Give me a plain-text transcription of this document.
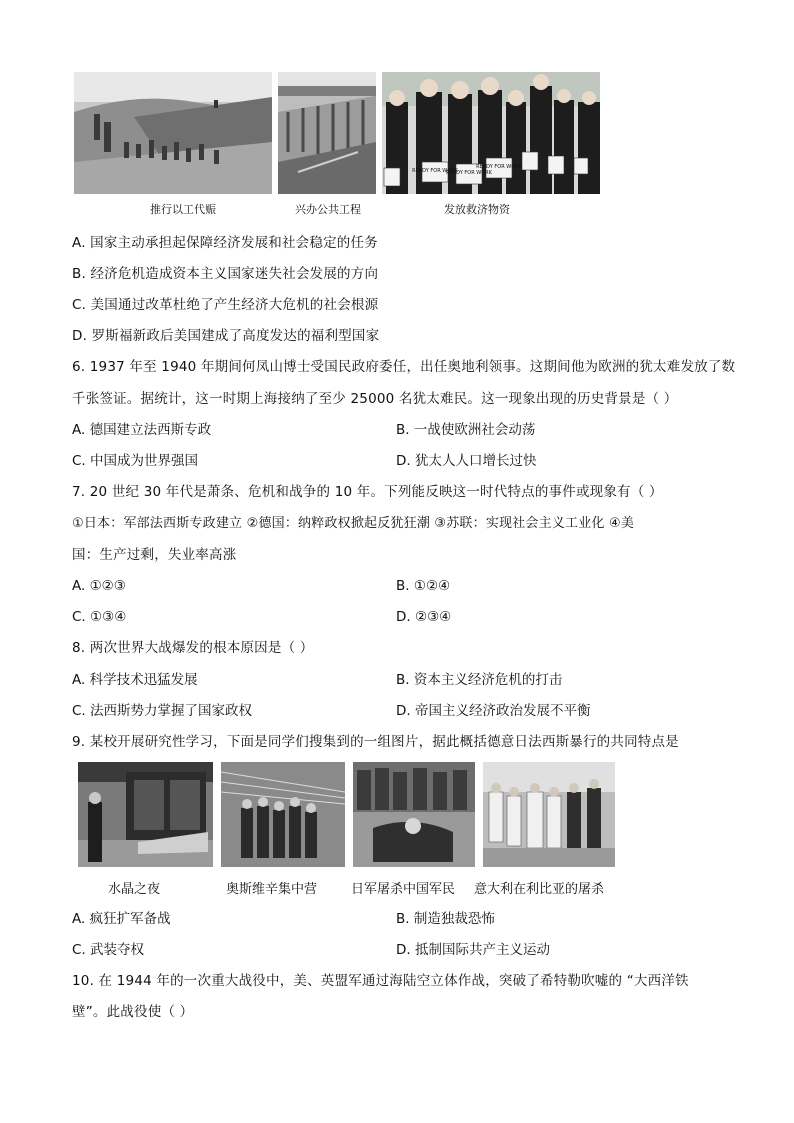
READY FOR WORK
READY FOR WORK
READY FOR WORK
推行以工代赈	兴办公共工程	发放救济物资
A. 国家主动承担起保障经济发展和社会稳定的任务
B. 经济危机造成资本主义国家迷失社会发展的方向
C. 美国通过改革杜绝了产生经济大危机的社会根源
D. 罗斯福新政后美国建成了高度发达的福利型国家
6. 1937 年至 1940 年期间何凤山博士受国民政府委任，出任奥地利领事。这期间他为欧洲的犹太难发放了数
千张签证。据统计，这一时期上海接纳了至少 25000 名犹太难民。这一现象出现的历史背景是（ ）
A. 德国建立法西斯专政	B. 一战使欧洲社会动荡
C. 中国成为世界强国	D. 犹太人人口增长过快
7. 20 世纪 30 年代是萧条、危机和战争的 10 年。下列能反映这一时代特点的事件或现象有（ ）
①日本：军部法西斯专政建立 ②德国：纳粹政权掀起反犹狂潮 ③苏联：实现社会主义工业化 ④美
国：生产过剩，失业率高涨
A. ①②③	B. ①②④
C. ①③④	D. ②③④
8. 两次世界大战爆发的根本原因是（ ）
A. 科学技术迅猛发展	B. 资本主义经济危机的打击
C. 法西斯势力掌握了国家政权	D. 帝国主义经济政治发展不平衡
9. 某校开展研究性学习，下面是同学们搜集到的一组图片，据此概括德意日法西斯暴行的共同特点是
水晶之夜	奥斯维辛集中营	日军屠杀中国军民 意大利在利比亚的屠杀
A. 疯狂扩军备战	B. 制造独裁恐怖
C. 武装夺权	D. 抵制国际共产主义运动
10. 在 1944 年的一次重大战役中，美、英盟军通过海陆空立体作战，突破了希特勒吹嘘的 “大西洋铁
壁”。此战役使（ ）
